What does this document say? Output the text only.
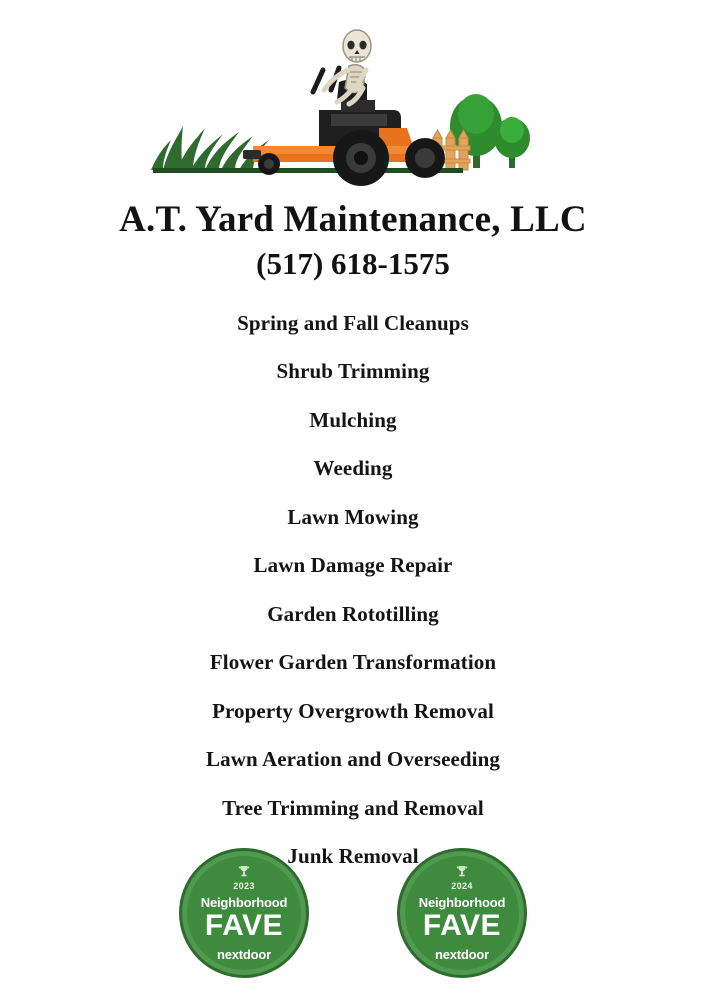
A.T. Yard Maintenance, LLC
(517) 618-1575
Spring and Fall Cleanups
Shrub Trimming
Mulching
Weeding
Lawn Mowing
Lawn Damage Repair
Garden Rototilling
Flower Garden Transformation
Property Overgrowth Removal
Lawn Aeration and Overseeding
Tree Trimming and Removal
Junk Removal
2023
Neighborhood
FAVE
nextdoor
2024
Neighborhood
FAVE
nextdoor
